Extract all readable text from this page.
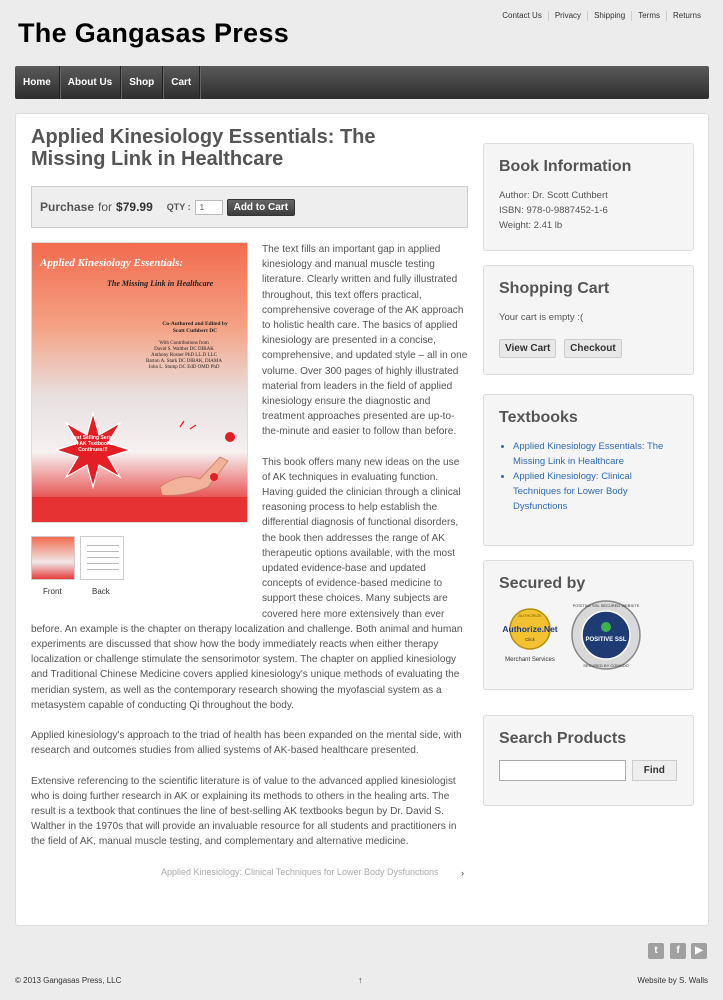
The Gangasas Press
Contact Us	Privacy	Shipping	Terms	Returns
Home	About Us	Shop	Cart
Applied Kinesiology Essentials: The Missing Link in Healthcare
Purchase for $79.99 QTY :
1	Add to Cart

The text fills an important gap in applied kinesiology and manual muscle testing literature. Clearly written and fully illustrated throughout, this text offers practical, comprehensive coverage of the AK approach to holistic health care. The basics of applied kinesiology are presented in a concise, comprehensive, and updated style – all in one volume. Over 300 pages of highly illustrated material from leaders in the field of applied kinesiology ensure the diagnostic and treatment approaches presented are up-to-the-minute and easier to follow than before.

This book offers many new ideas on the use of AK techniques in evaluating function. Having guided the clinician through a clinical reasoning process to help establish the differential diagnosis of functional disorders, the book then addresses the range of AK therapeutic options available, with the most updated evidence-base and updated concepts of evidence-based medicine to support these choices. Many subjects are covered here more extensively than ever before. An example is the chapter on therapy localization and challenge. Both animal and human experiments are discussed that show how the body immediately reacts when either therapy localization or challenge stimulate the sensorimotor system. The chapter on applied kinesiology and Traditional Chinese Medicine covers applied kinesiology's unique methods of evaluating the meridian system, as well as the contemporary research showing the myofascial system as a metasystem capable of conducting Qi throughout the body.

Applied kinesiology's approach to the triad of health has been expanded on the mental side, with research and outcomes studies from allied systems of AK-based healthcare presented.

Extensive referencing to the scientific literature is of value to the advanced applied kinesiologist who is doing further research in AK or explaining its methods to others in the healing arts. The result is a textbook that continues the line of best-selling AK textbooks begun by Dr. David S. Walther in the 1970s that will provide an invaluable resource for all students and practitioners in the field of AK, manual muscle testing, and complementary and alternative medicine.

Applied Kinesiology Essentials:
The Missing Link in Healthcare
Co-Authored and Edited by
Scott Cuthbert DC
With Contributions from
David S. Walther DC DIBAK
Anthony Rosner PhD LL.D LLC
Barton A. Stark DC DIBAK, DIAMA
John L. Stump DC EdD OMD PhD
Best Selling Series of AK Textbooks Continues!!!
Front	Back
Applied Kinesiology: Clinical Techniques for Lower Body Dysfunctions	›
Book Information
Author: Dr. Scott Cuthbert
ISBN: 978-0-9887452-1-6
Weight: 2.41 lb
Shopping Cart
Your cart is empty :(
View Cart Checkout
Textbooks
• Applied Kinesiology Essentials: The Missing Link in Healthcare
• Applied Kinesiology: Clinical Techniques for Lower Body Dysfunctions
Secured by
AUTHORIZE
Authorize.Net
Click
Merchant Services
POSITIVE SSL SECURED WEBSITE
POSITIVE SSL
SECURED BY COMODO
Search Products
Find
t	f	▶
© 2013 Gangasas Press, LLC	↑	Website by S. Walls
